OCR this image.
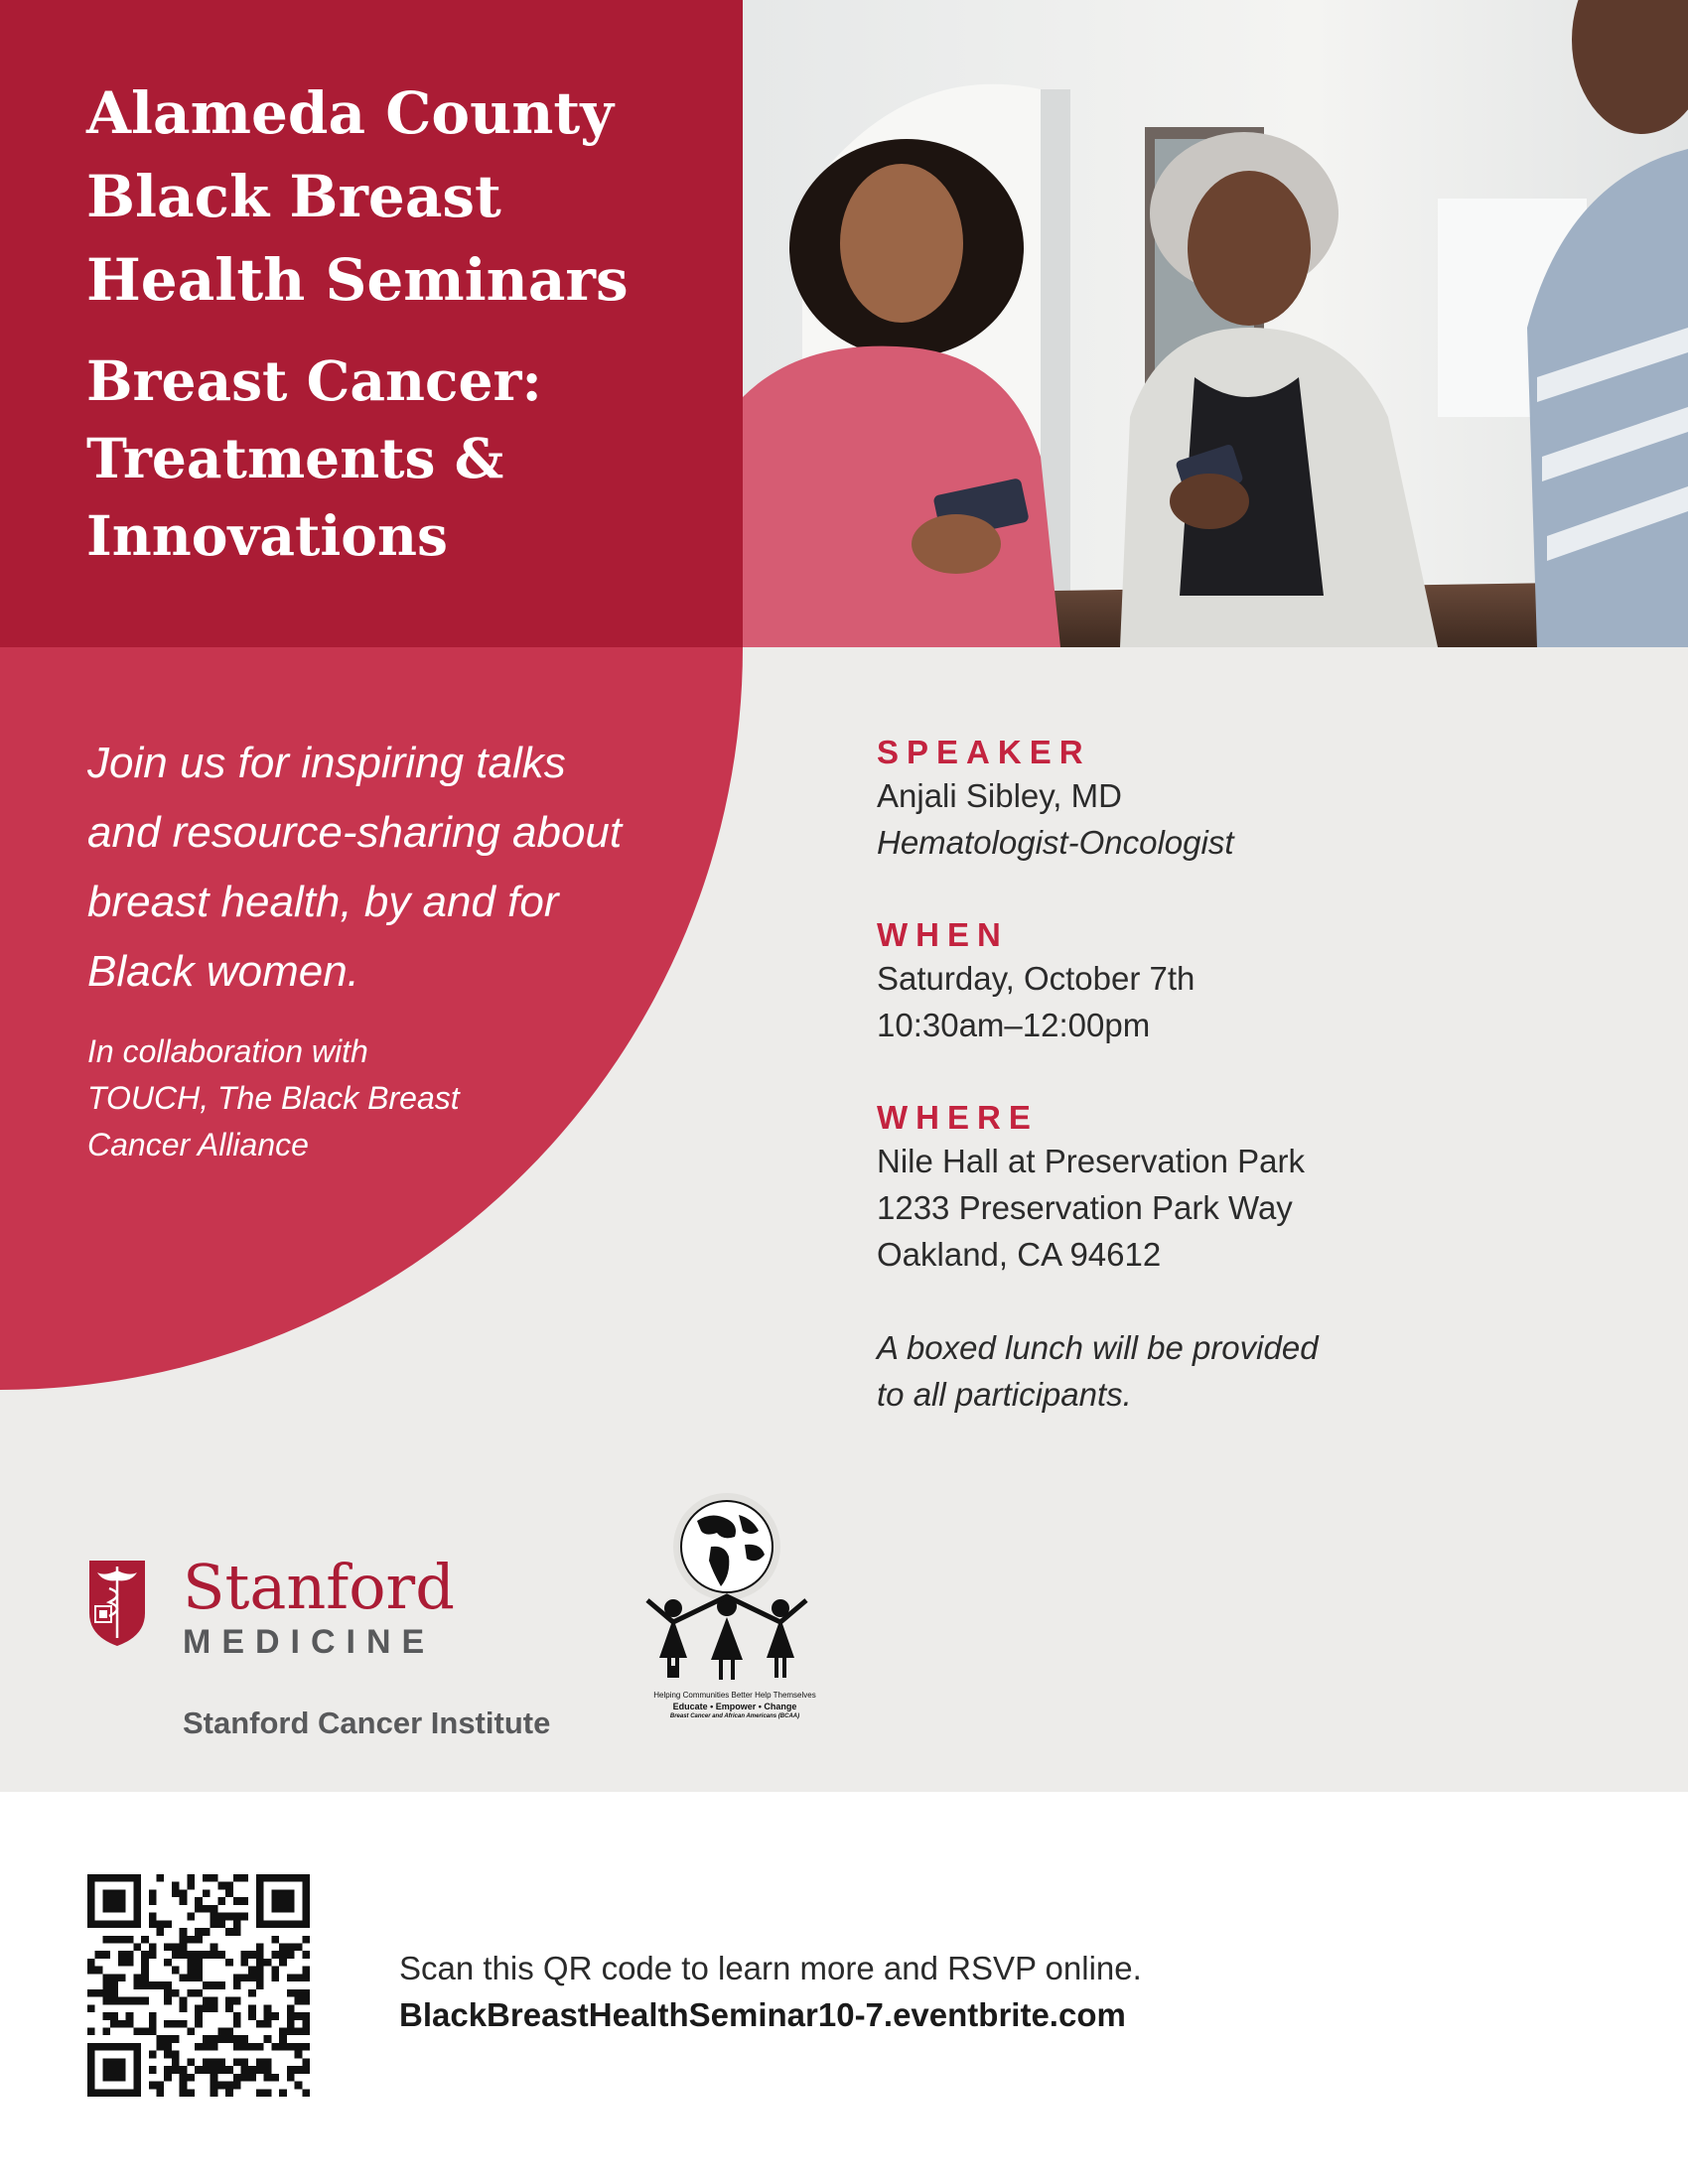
Alameda County
Black Breast
Health Seminars
Breast Cancer:
Treatments &
Innovations
Join us for inspiring talks
and resource-sharing about
breast health, by and for
Black women.
In collaboration with
TOUCH, The Black Breast
Cancer Alliance
SPEAKER
Anjali Sibley, MD
Hematologist-Oncologist
WHEN
Saturday, October 7th
10:30am–12:00pm
WHERE
Nile Hall at Preservation Park
1233 Preservation Park Way
Oakland, CA 94612
A boxed lunch will be provided
to all participants.
Stanford
MEDICINE
Stanford Cancer Institute
Helping Communities Better Help Themselves
Educate • Empower • Change
Breast Cancer and African Americans (BCAA)
Scan this QR code to learn more and RSVP online.
BlackBreastHealthSeminar10-7.eventbrite.com
